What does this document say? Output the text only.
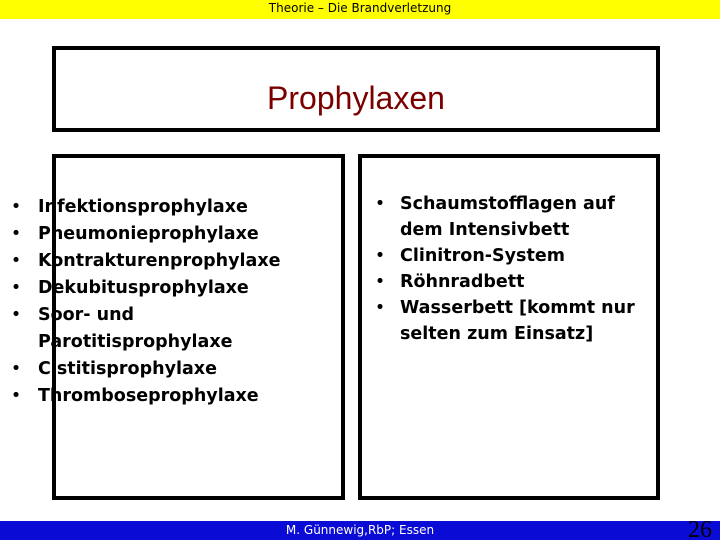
Theorie – Die Brandverletzung
Prophylaxen
• Infektionsprophylaxe
• Pneumonieprophylaxe
• Kontrakturenprophylaxe
• Dekubitusprophylaxe
• Soor- und Parotitisprophylaxe
• Cistitisprophylaxe
• Thromboseprophylaxe
• Schaumstofflagen auf dem Intensivbett
• Clinitron-System
• Röhnradbett
• Wasserbett [kommt nur selten zum Einsatz]
M. Günnewig,RbP; Essen	26
